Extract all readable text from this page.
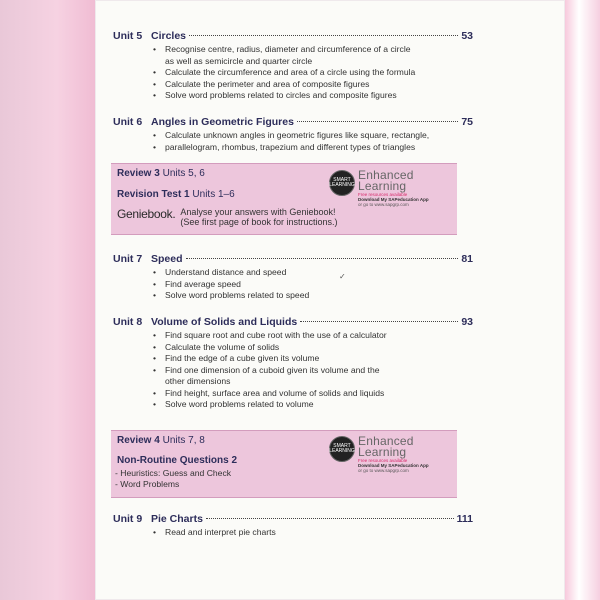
Unit 5 Circles	53
• Recognise centre, radius, diameter and circumference of a circle
as well as semicircle and quarter circle
• Calculate the circumference and area of a circle using the formula
• Calculate the perimeter and area of composite figures
• Solve word problems related to circles and composite figures
Unit 6 Angles in Geometric Figures	75
• Calculate unknown angles in geometric figures like square, rectangle,
• parallelogram, rhombus, trapezium and different types of triangles
Review 3 Units 5, 6
Revision Test 1 Units 1–6
Geniebook. Analyse your answers with Geniebook!
(See first page of book for instructions.)
SMART LEARNING
Enhanced
Learning
Free resources available
Download My SAPeducation App
or go to www.sapgrp.com
✓
Unit 7 Speed	81
• Understand distance and speed
• Find average speed
• Solve word problems related to speed
Unit 8 Volume of Solids and Liquids	93
• Find square root and cube root with the use of a calculator
• Calculate the volume of solids
• Find the edge of a cube given its volume
• Find one dimension of a cuboid given its volume and the
other dimensions
• Find height, surface area and volume of solids and liquids
• Solve word problems related to volume
Review 4 Units 7, 8
Non-Routine Questions 2
- Heuristics: Guess and Check
- Word Problems
SMART LEARNING
Enhanced
Learning
Free resources available
Download My SAPeducation App
or go to www.sapgrp.com
Unit 9 Pie Charts	111
• Read and interpret pie charts
